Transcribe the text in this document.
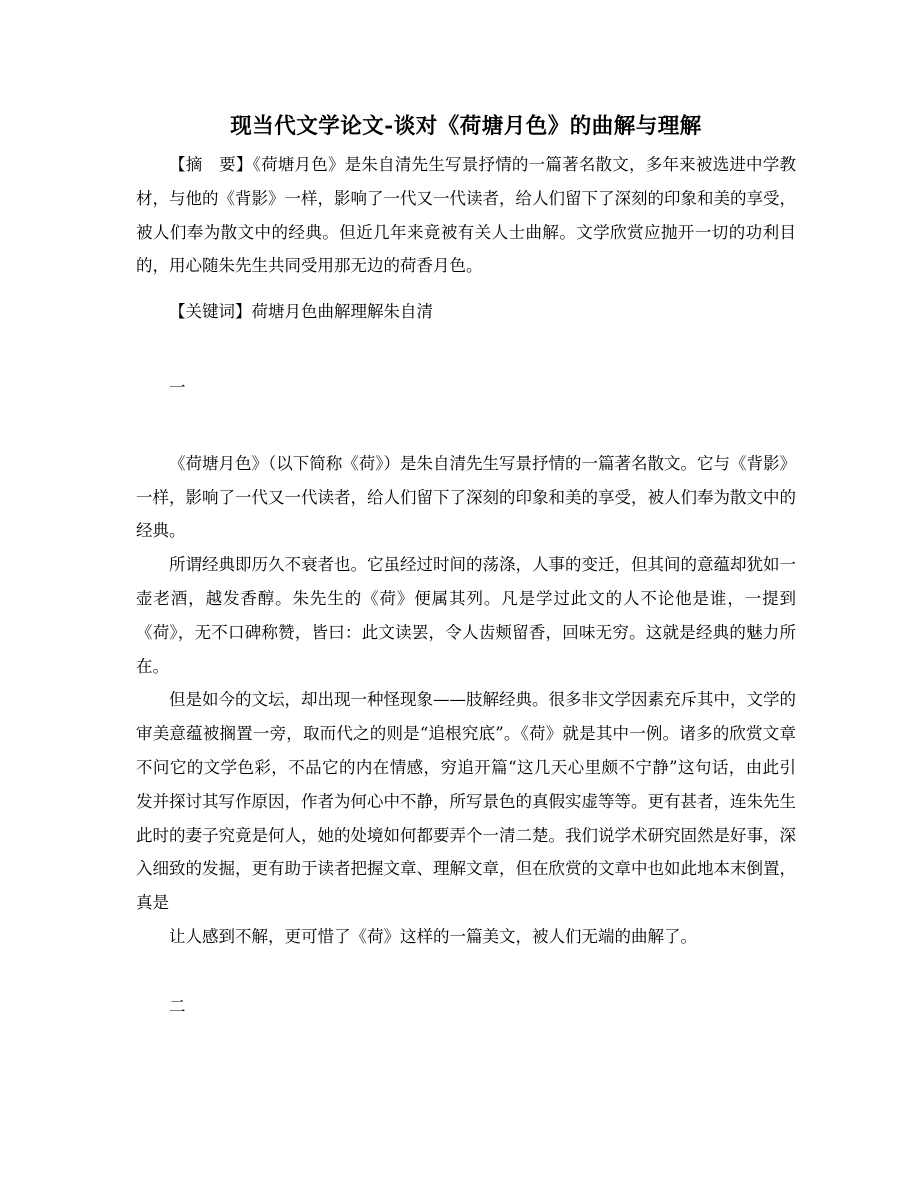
现当代文学论文-谈对《荷塘月色》的曲解与理解

【摘　要】《荷塘月色》是朱自清先生写景抒情的一篇著名散文，多年来被选进中学教材，与他的《背影》一样，影响了一代又一代读者，给人们留下了深刻的印象和美的享受，被人们奉为散文中的经典。但近几年来竟被有关人士曲解。文学欣赏应抛开一切的功利目的，用心随朱先生共同受用那无边的荷香月色。

【关键词】荷塘月色曲解理解朱自清

一

《荷塘月色》（以下简称《荷》）是朱自清先生写景抒情的一篇著名散文。它与《背影》一样，影响了一代又一代读者，给人们留下了深刻的印象和美的享受，被人们奉为散文中的经典。

所谓经典即历久不衰者也。它虽经过时间的荡涤，人事的变迁，但其间的意蕴却犹如一壶老酒，越发香醇。朱先生的《荷》便属其列。凡是学过此文的人不论他是谁，一提到《荷》，无不口碑称赞，皆曰：此文读罢，令人齿颊留香，回味无穷。这就是经典的魅力所在。

但是如今的文坛，却出现一种怪现象——肢解经典。很多非文学因素充斥其中，文学的审美意蕴被搁置一旁，取而代之的则是“追根究底”。《荷》就是其中一例。诸多的欣赏文章不问它的文学色彩，不品它的内在情感，穷追开篇“这几天心里颇不宁静”这句话，由此引发并探讨其写作原因，作者为何心中不静，所写景色的真假实虚等等。更有甚者，连朱先生此时的妻子究竟是何人，她的处境如何都要弄个一清二楚。我们说学术研究固然是好事，深入细致的发掘，更有助于读者把握文章、理解文章，但在欣赏的文章中也如此地本末倒置，真是

让人感到不解，更可惜了《荷》这样的一篇美文，被人们无端的曲解了。

二
